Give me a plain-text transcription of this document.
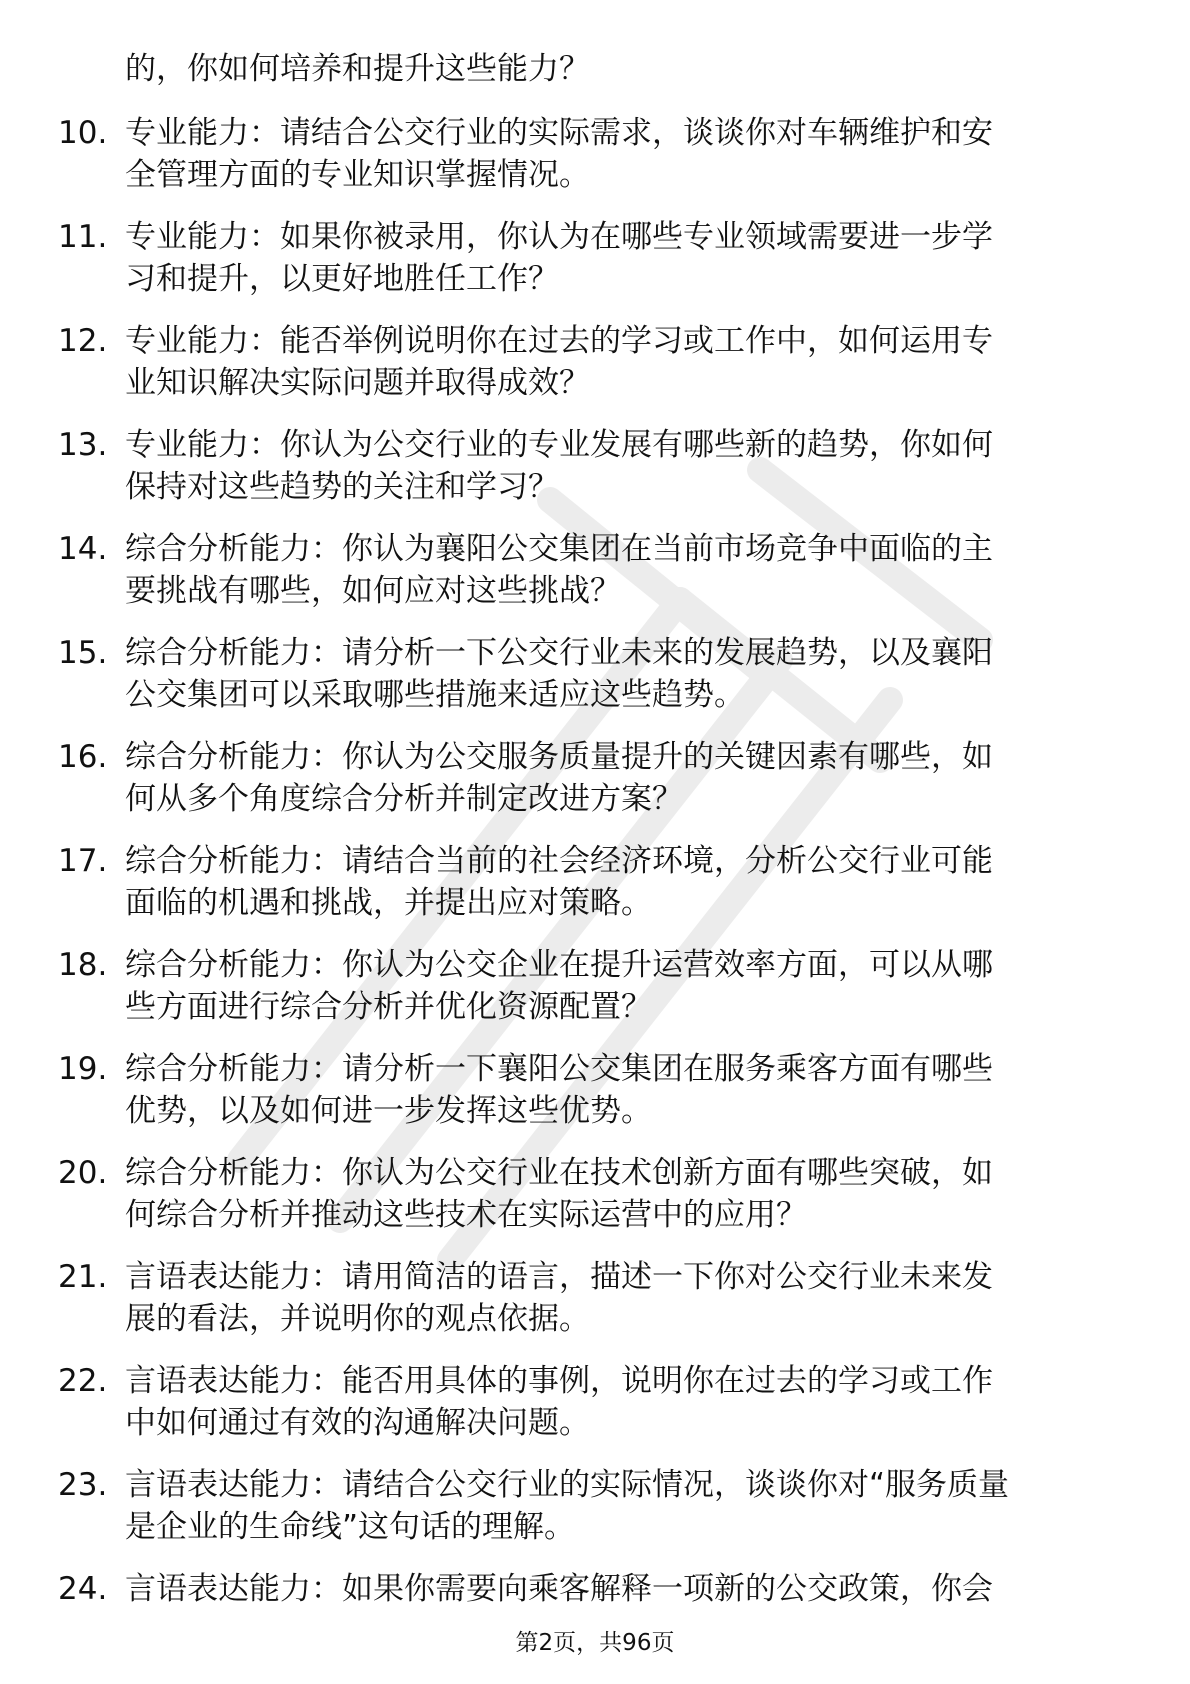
的，你如何培养和提升这些能力？
10. 专业能力：请结合公交行业的实际需求，谈谈你对车辆维护和安
全管理方面的专业知识掌握情况。
11. 专业能力：如果你被录用，你认为在哪些专业领域需要进一步学
习和提升，以更好地胜任工作？
12. 专业能力：能否举例说明你在过去的学习或工作中，如何运用专
业知识解决实际问题并取得成效？
13. 专业能力：你认为公交行业的专业发展有哪些新的趋势，你如何
保持对这些趋势的关注和学习？
14. 综合分析能力：你认为襄阳公交集团在当前市场竞争中面临的主
要挑战有哪些，如何应对这些挑战？
15. 综合分析能力：请分析一下公交行业未来的发展趋势，以及襄阳
公交集团可以采取哪些措施来适应这些趋势。
16. 综合分析能力：你认为公交服务质量提升的关键因素有哪些，如
何从多个角度综合分析并制定改进方案？
17. 综合分析能力：请结合当前的社会经济环境，分析公交行业可能
面临的机遇和挑战，并提出应对策略。
18. 综合分析能力：你认为公交企业在提升运营效率方面，可以从哪
些方面进行综合分析并优化资源配置？
19. 综合分析能力：请分析一下襄阳公交集团在服务乘客方面有哪些
优势，以及如何进一步发挥这些优势。
20. 综合分析能力：你认为公交行业在技术创新方面有哪些突破，如
何综合分析并推动这些技术在实际运营中的应用？
21. 言语表达能力：请用简洁的语言，描述一下你对公交行业未来发
展的看法，并说明你的观点依据。
22. 言语表达能力：能否用具体的事例，说明你在过去的学习或工作
中如何通过有效的沟通解决问题。
23. 言语表达能力：请结合公交行业的实际情况，谈谈你对“服务质量
是企业的生命线”这句话的理解。
24. 言语表达能力：如果你需要向乘客解释一项新的公交政策，你会
第2页，共96页
